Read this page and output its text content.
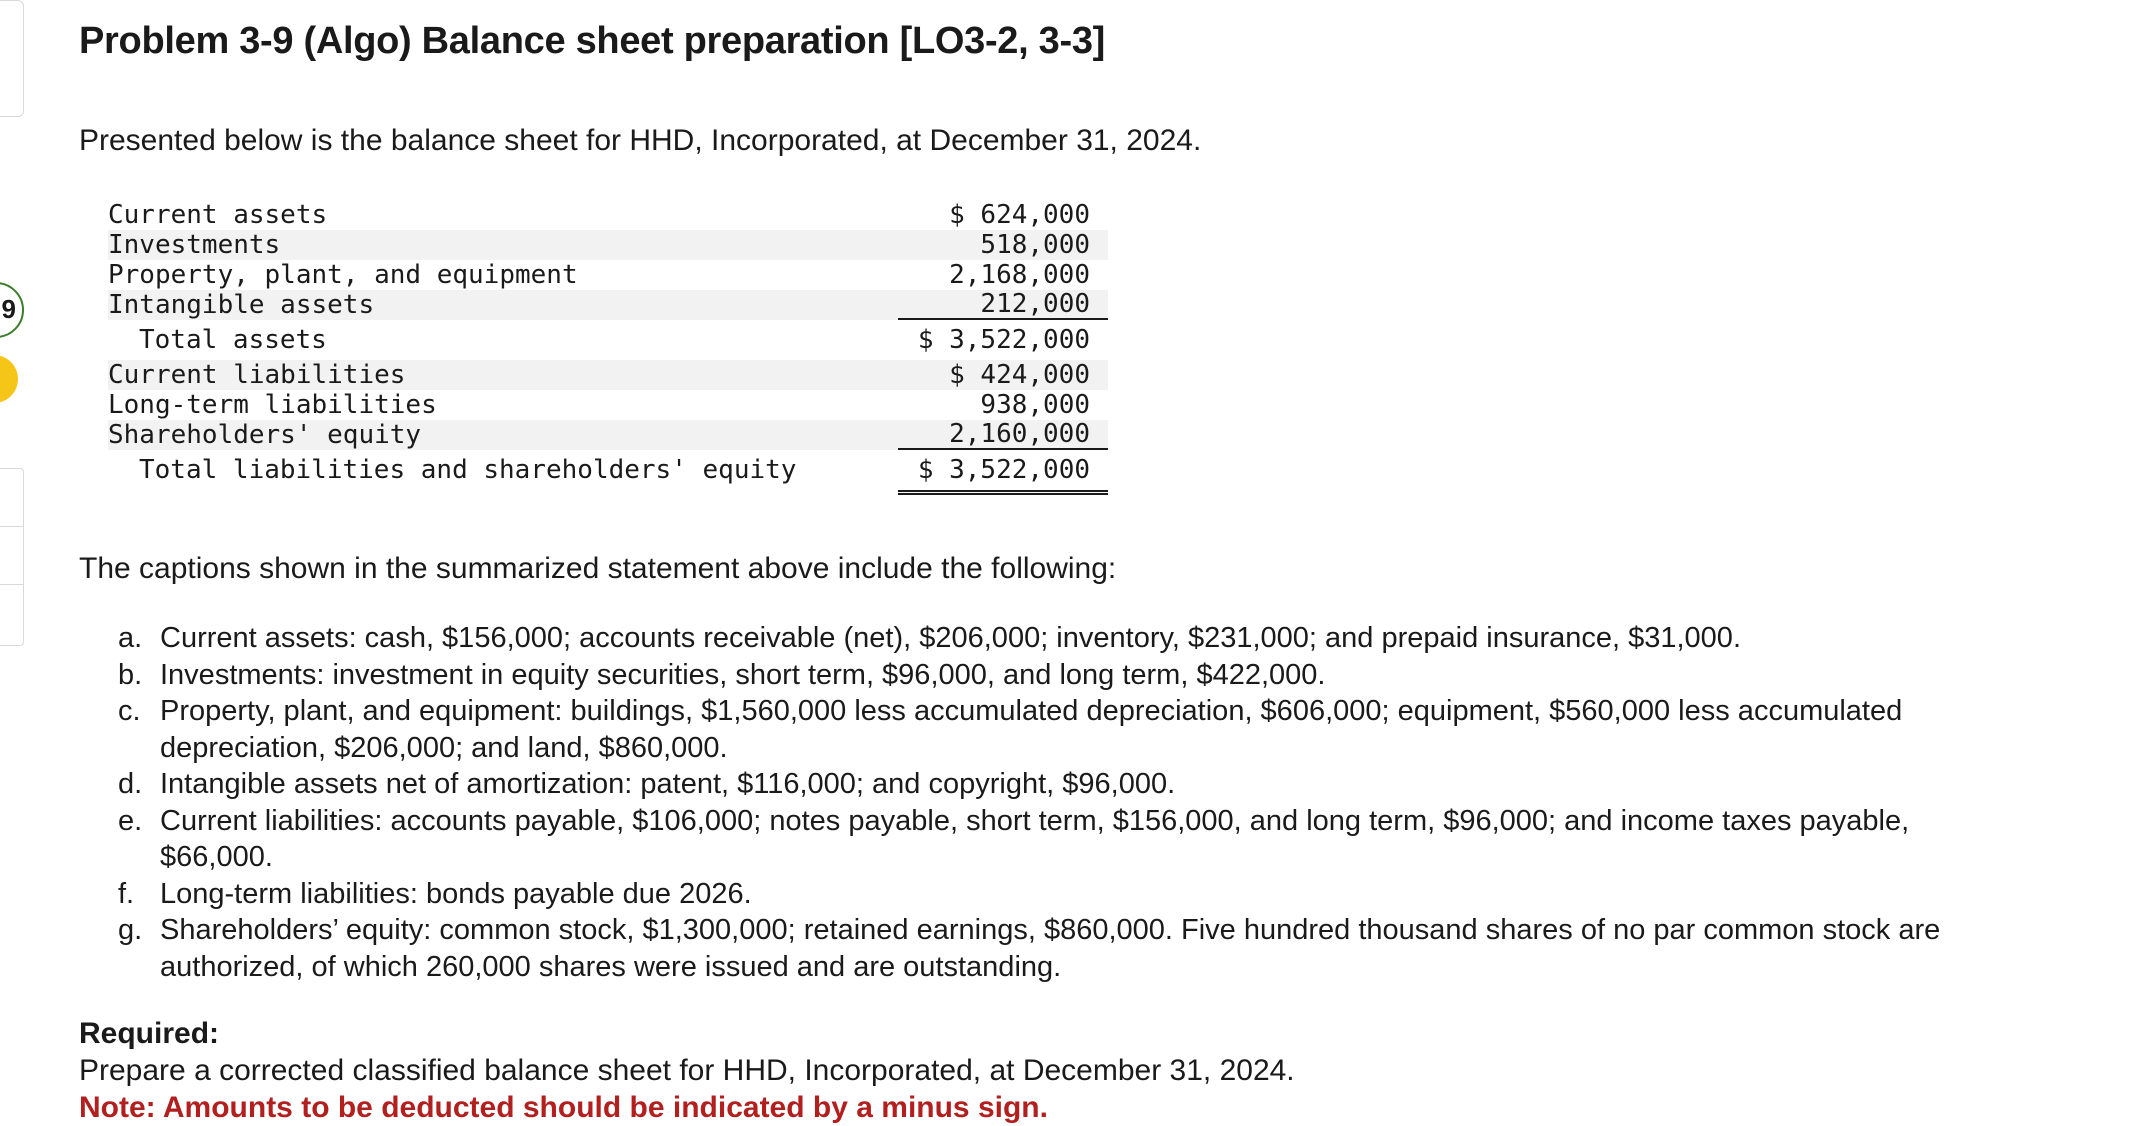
9
Problem 3-9 (Algo) Balance sheet preparation [LO3-2, 3-3]

Presented below is the balance sheet for HHD, Incorporated, at December 31, 2024.

Current assets	$ 624,000
Investments	518,000
Property, plant, and equipment	2,168,000
Intangible assets	212,000
Total assets	$ 3,522,000
Current liabilities	$ 424,000
Long-term liabilities	938,000
Shareholders' equity	2,160,000
Total liabilities and shareholders' equity	$ 3,522,000

The captions shown in the summarized statement above include the following:

a. Current assets: cash, $156,000; accounts receivable (net), $206,000; inventory, $231,000; and prepaid insurance, $31,000.
b. Investments: investment in equity securities, short term, $96,000, and long term, $422,000.
c. Property, plant, and equipment: buildings, $1,560,000 less accumulated depreciation, $606,000; equipment, $560,000 less accumulated depreciation, $206,000; and land, $860,000.
d. Intangible assets net of amortization: patent, $116,000; and copyright, $96,000.
e. Current liabilities: accounts payable, $106,000; notes payable, short term, $156,000, and long term, $96,000; and income taxes payable, $66,000.
f. Long-term liabilities: bonds payable due 2026.
g. Shareholders’ equity: common stock, $1,300,000; retained earnings, $860,000. Five hundred thousand shares of no par common stock are authorized, of which 260,000 shares were issued and are outstanding.
Required:
Prepare a corrected classified balance sheet for HHD, Incorporated, at December 31, 2024.
Note: Amounts to be deducted should be indicated by a minus sign.
